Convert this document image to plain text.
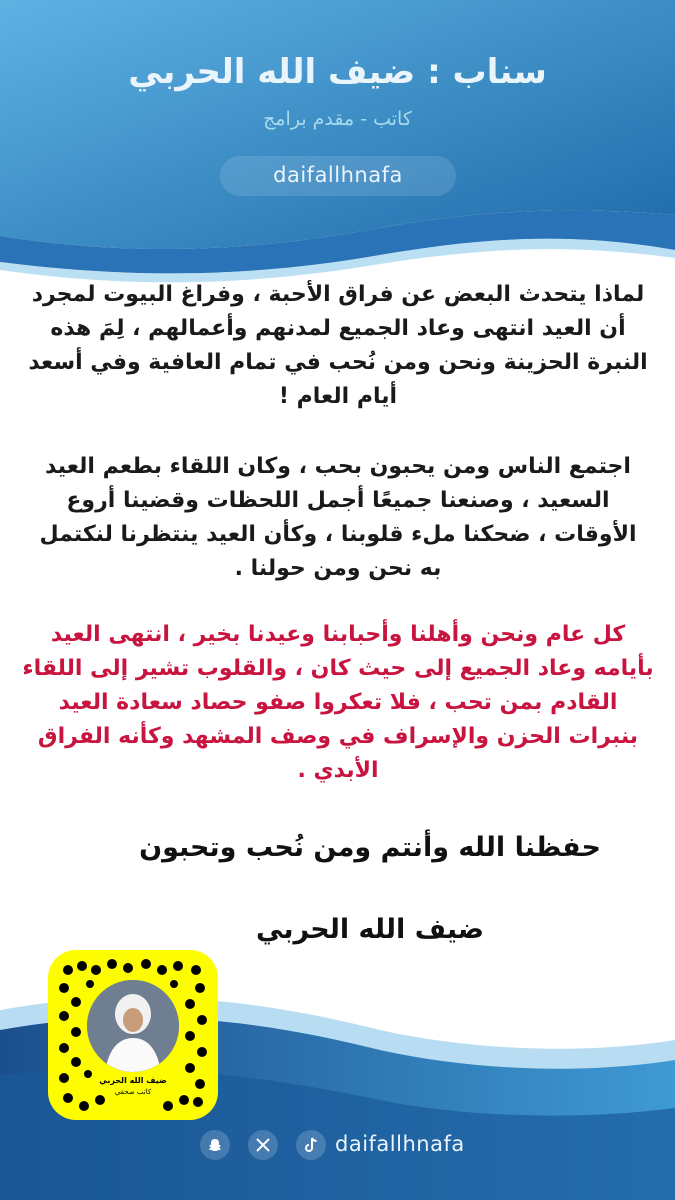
سناب : ضيف الله الحربي
كاتب - مقدم برامج
daifallhnafa
لماذا يتحدث البعض عن فراق الأحبة ، وفراغ البيوت لمجرد أن العيد انتهى وعاد الجميع لمدنهم وأعمالهم ، لِمَ هذه النبرة الحزينة ونحن ومن نُحب في تمام العافية وفي أسعد أيام العام !
اجتمع الناس ومن يحبون بحب ، وكان اللقاء بطعم العيد السعيد ، وصنعنا جميعًا أجمل اللحظات وقضينا أروع الأوقات ، ضحكنا ملء قلوبنا ، وكأن العيد ينتظرنا لنكتمل به نحن ومن حولنا .
كل عام ونحن وأهلنا وأحبابنا وعيدنا بخير ، انتهى العيد بأيامه وعاد الجميع إلى حيث كان ، والقلوب تشير إلى اللقاء القادم بمن تحب ، فلا تعكروا صفو حصاد سعادة العيد بنبرات الحزن والإسراف في وصف المشهد وكأنه الفراق الأبدي .
حفظنا الله وأنتم ومن نُحب وتحبون
ضيف الله الحربي
ضيف الله الحربي
كاتب صحفي
daifallhnafa
